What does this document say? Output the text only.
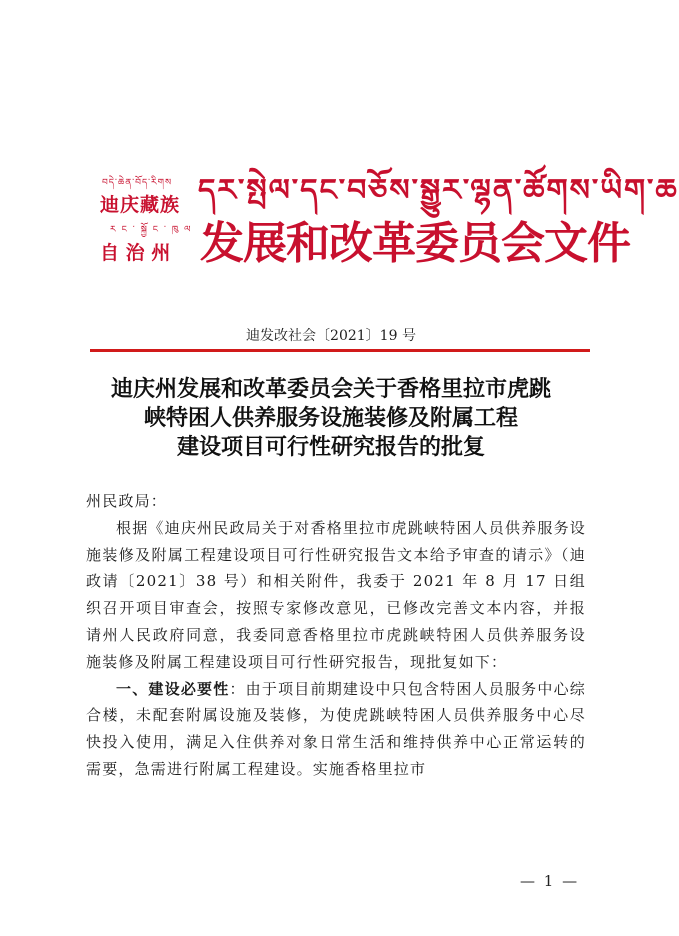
བདེ་ཆེན་བོད་རིགས
迪庆藏族
རང་སྐྱོང་ཁུལ
自 治 州
དར་སྤེལ་དང་བཅོས་སྒྱུར་ལྷན་ཚོགས་ཡིག་ཆ
发展和改革委员会文件
迪发改社会〔2021〕19 号
迪庆州发展和改革委员会关于香格里拉市虎跳
峡特困人供养服务设施装修及附属工程
建设项目可行性研究报告的批复

州民政局：

根据《迪庆州民政局关于对香格里拉市虎跳峡特困人员供养服务设施装修及附属工程建设项目可行性研究报告文本给予审查的请示》（迪政请〔2021〕38 号）和相关附件，我委于 2021 年 8 月 17 日组织召开项目审查会，按照专家修改意见，已修改完善文本内容，并报请州人民政府同意，我委同意香格里拉市虎跳峡特困人员供养服务设施装修及附属工程建设项目可行性研究报告，现批复如下：

一、建设必要性：由于项目前期建设中只包含特困人员服务中心综合楼，未配套附属设施及装修，为使虎跳峡特困人员供养服务中心尽快投入使用，满足入住供养对象日常生活和维持供养中心正常运转的需要，急需进行附属工程建设。实施香格里拉市

— 1 —
